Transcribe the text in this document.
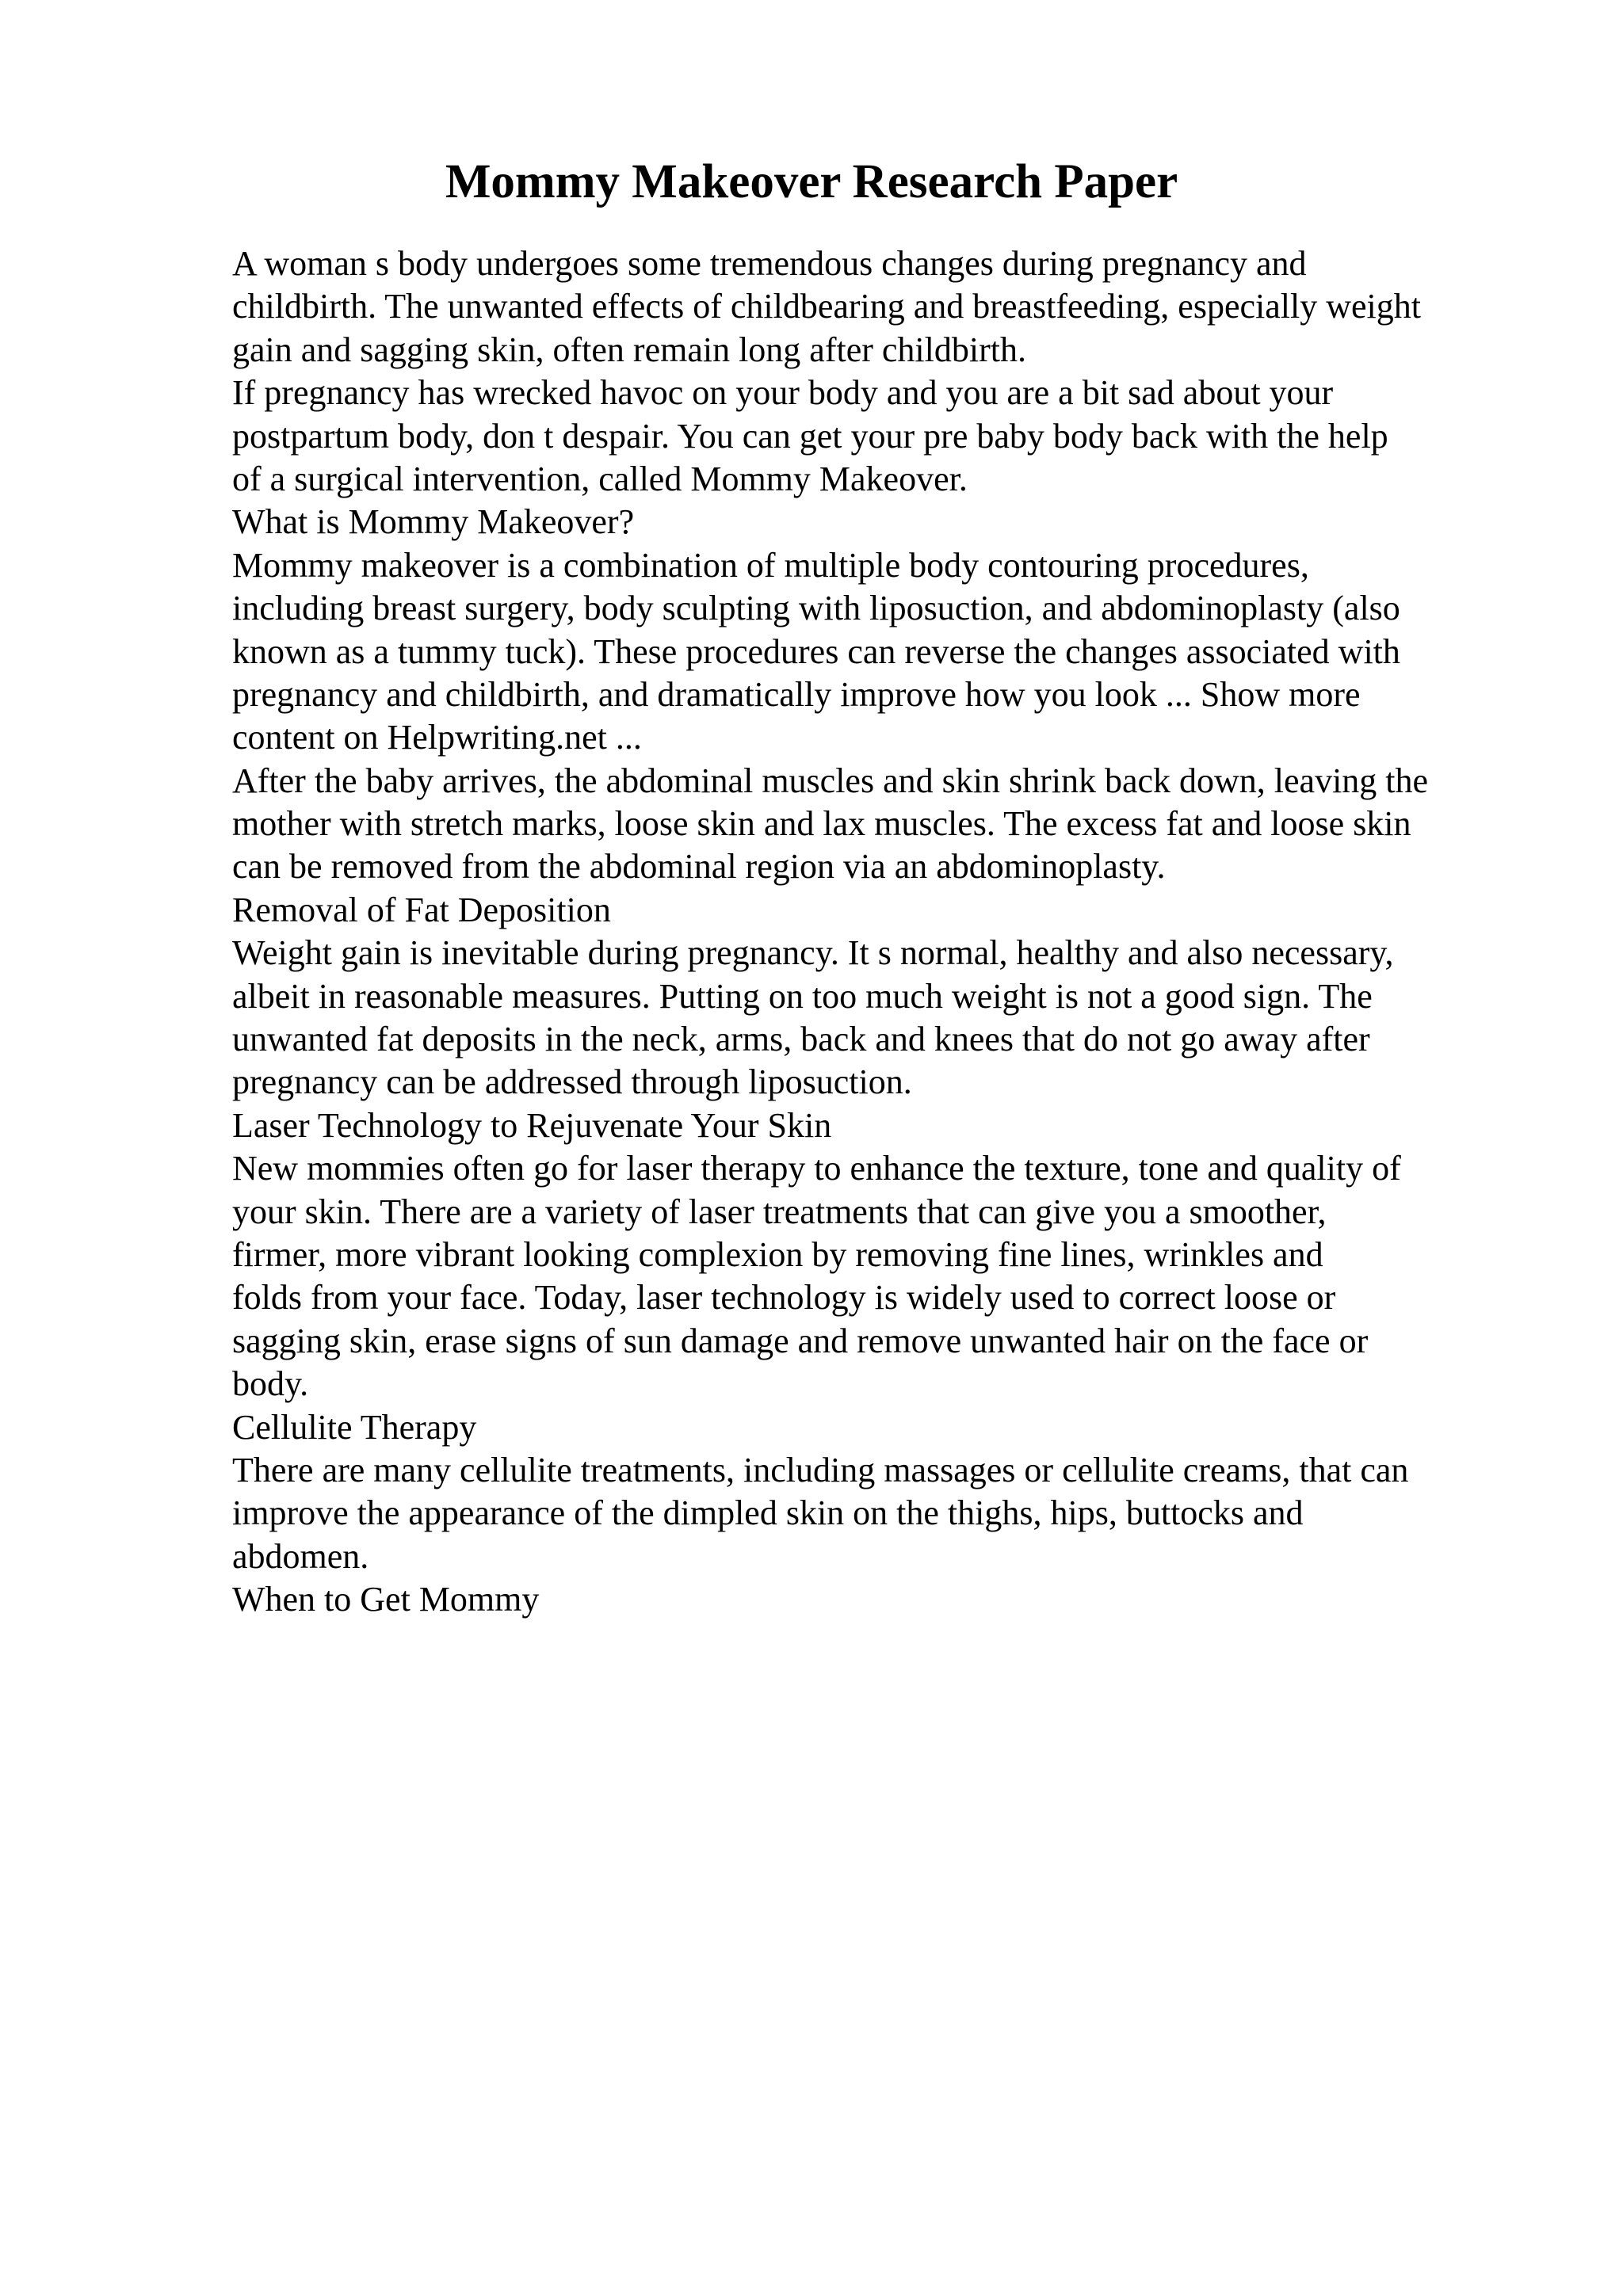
Mommy Makeover Research Paper
A woman s body undergoes some tremendous changes during pregnancy and
childbirth. The unwanted effects of childbearing and breastfeeding, especially weight
gain and sagging skin, often remain long after childbirth.
If pregnancy has wrecked havoc on your body and you are a bit sad about your
postpartum body, don t despair. You can get your pre baby body back with the help
of a surgical intervention, called Mommy Makeover.
What is Mommy Makeover?
Mommy makeover is a combination of multiple body contouring procedures,
including breast surgery, body sculpting with liposuction, and abdominoplasty (also
known as a tummy tuck). These procedures can reverse the changes associated with
pregnancy and childbirth, and dramatically improve how you look ... Show more
content on Helpwriting.net ...
After the baby arrives, the abdominal muscles and skin shrink back down, leaving the
mother with stretch marks, loose skin and lax muscles. The excess fat and loose skin
can be removed from the abdominal region via an abdominoplasty.
Removal of Fat Deposition
Weight gain is inevitable during pregnancy. It s normal, healthy and also necessary,
albeit in reasonable measures. Putting on too much weight is not a good sign. The
unwanted fat deposits in the neck, arms, back and knees that do not go away after
pregnancy can be addressed through liposuction.
Laser Technology to Rejuvenate Your Skin
New mommies often go for laser therapy to enhance the texture, tone and quality of
your skin. There are a variety of laser treatments that can give you a smoother,
firmer, more vibrant looking complexion by removing fine lines, wrinkles and
folds from your face. Today, laser technology is widely used to correct loose or
sagging skin, erase signs of sun damage and remove unwanted hair on the face or
body.
Cellulite Therapy
There are many cellulite treatments, including massages or cellulite creams, that can
improve the appearance of the dimpled skin on the thighs, hips, buttocks and
abdomen.
When to Get Mommy
